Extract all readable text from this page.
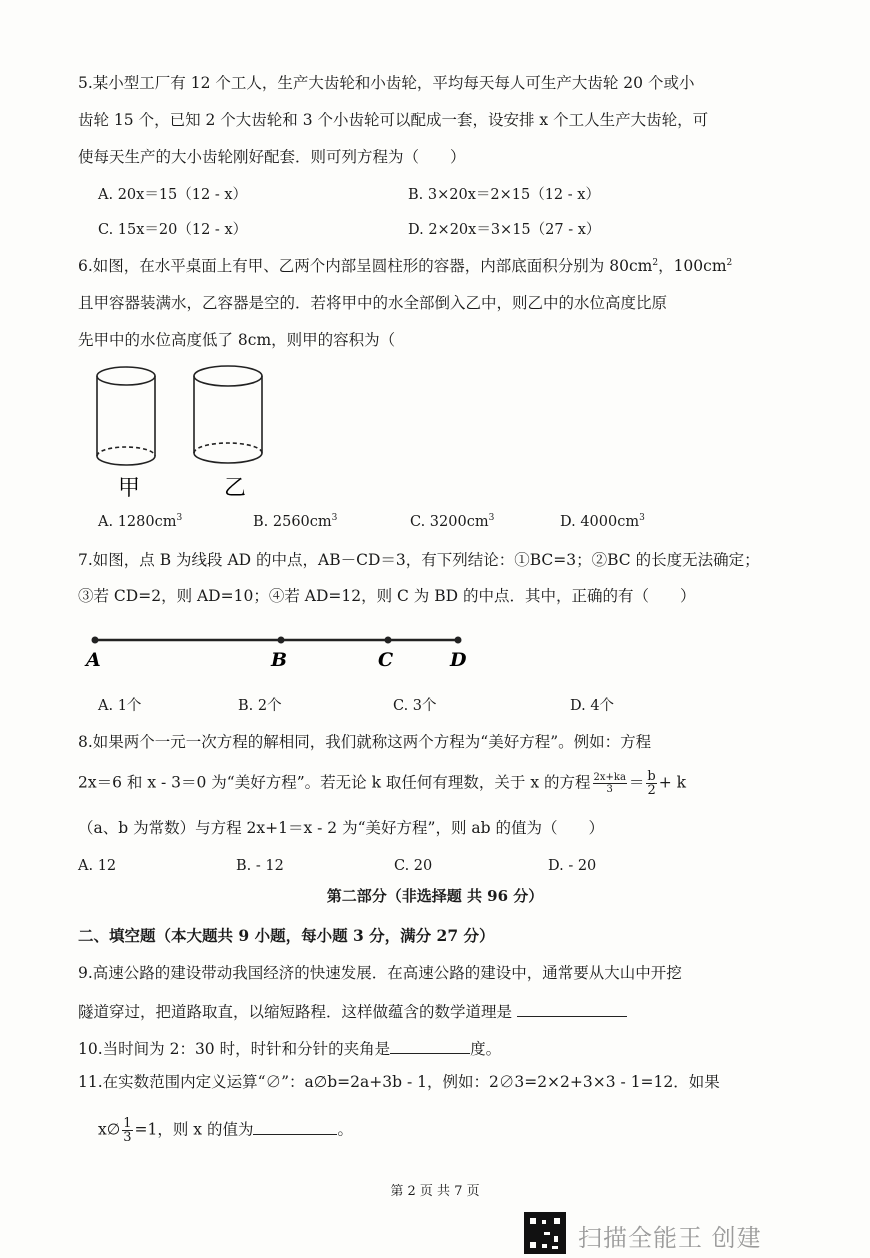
5.某小型工厂有 12 个工人，生产大齿轮和小齿轮，平均每天每人可生产大齿轮 20 个或小
齿轮 15 个，已知 2 个大齿轮和 3 个小齿轮可以配成一套，设安排 x 个工人生产大齿轮，可
使每天生产的大小齿轮刚好配套．则可列方程为（　　）
A. 20x＝15（12 - x）	B. 3×20x＝2×15（12 - x）
C. 15x＝20（12 - x）	D. 2×20x＝3×15（27 - x）
6.如图，在水平桌面上有甲、乙两个内部呈圆柱形的容器，内部底面积分别为 $80cm^2$，$100cm^2$
且甲容器装满水，乙容器是空的．若将甲中的水全部倒入乙中，则乙中的水位高度比原
先甲中的水位高度低了 8cm，则甲的容积为（
甲	乙
A. $1280cm^3$	B. $2560cm^3$	C. $3200cm^3$	D. $4000cm^3$
7.如图，点 B 为线段 AD 的中点，AB－CD＝3，有下列结论：①BC=3；②BC 的长度无法确定；
③若 CD=2，则 AD=10；④若 AD=12，则 C 为 BD 的中点．其中，正确的有（　　）
A	B	C	D
A. 1个	B. 2个	C. 3个	D. 4个
8.如果两个一元一次方程的解相同，我们就称这两个方程为“美好方程”。例如：方程
2x＝6 和 x - 3＝0 为“美好方程”。若无论 k 取任何有理数，关于 x 的方程 $\frac{2x+ka}{3} = \frac{b}{2} + k$
（a、b 为常数）与方程 2x+1＝x - 2 为“美好方程”，则 ab 的值为（　　）
A. 12	B. - 12	C. 20	D. - 20
第二部分（非选择题 共 96 分）
二、填空题（本大题共 9 小题，每小题 3 分，满分 27 分）
9.高速公路的建设带动我国经济的快速发展．在高速公路的建设中，通常要从大山中开挖
隧道穿过，把道路取直，以缩短路程．这样做蕴含的数学道理是
10.当时间为 2：30 时，时针和分针的夹角是	度。
11.在实数范围内定义运算“∅”：a∅b=2a+3b - 1，例如：2∅3=2×2+3×3 - 1=12．如果
x∅ $\frac{1}{3} =1$，则 x 的值为	。
第 2 页 共 7 页
扫描全能王 创建
